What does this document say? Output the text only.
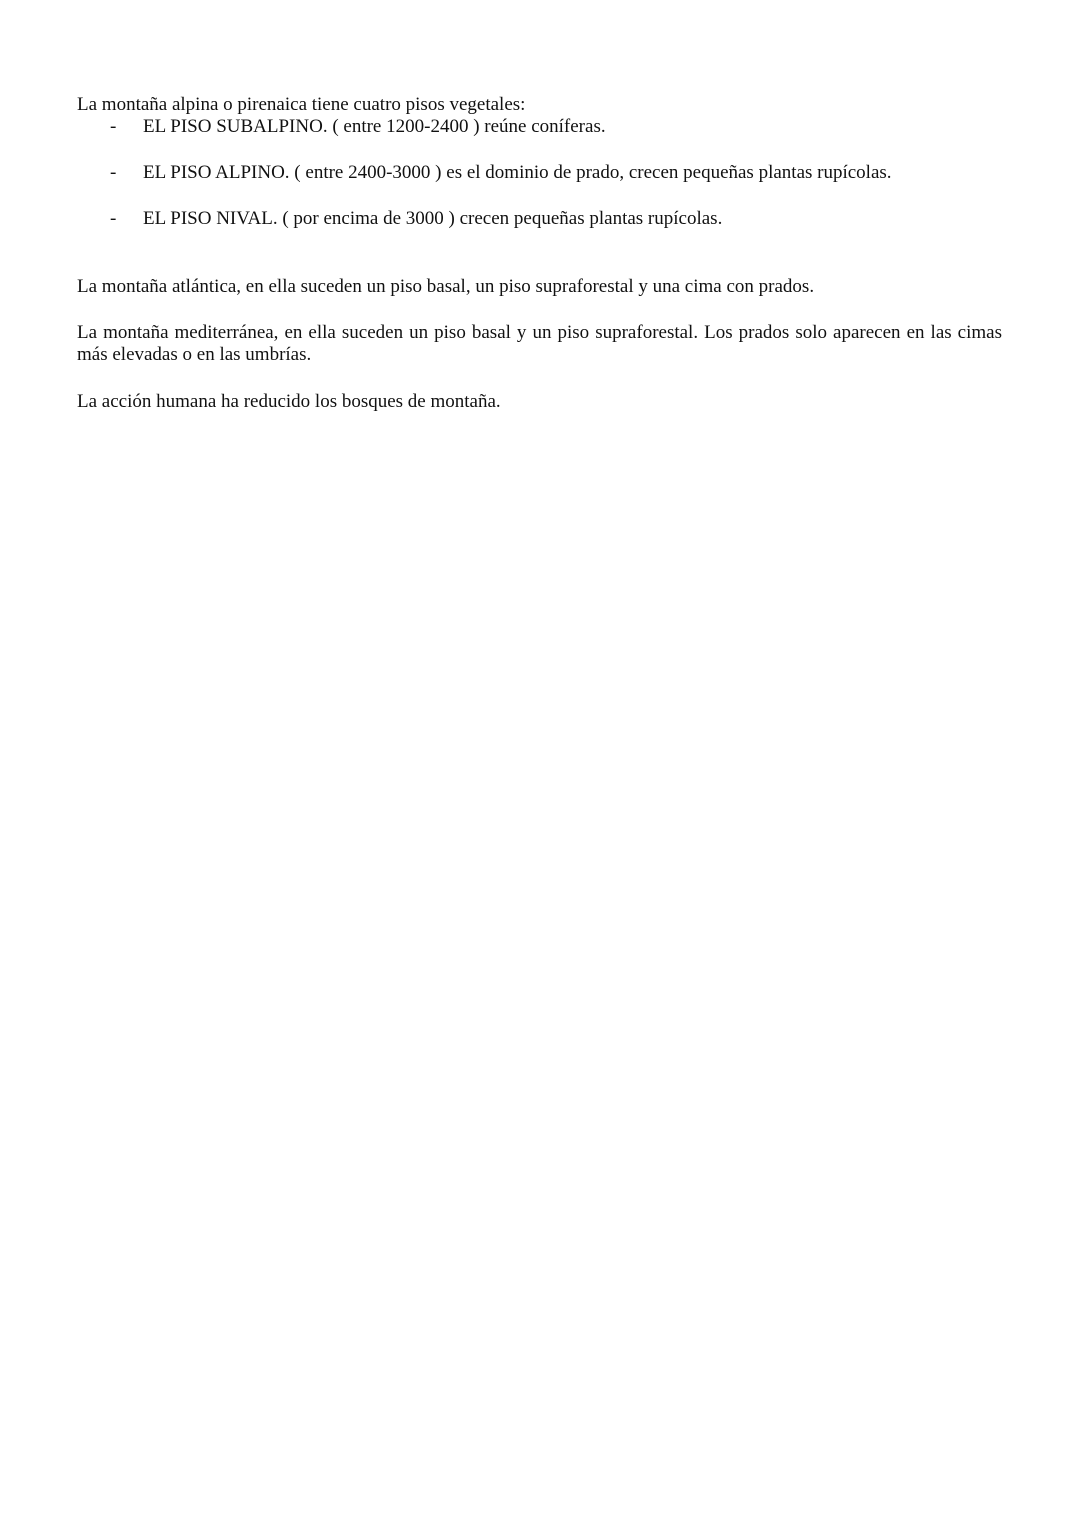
La montaña alpina o pirenaica tiene cuatro pisos vegetales:

- EL PISO SUBALPINO. ( entre 1200-2400 ) reúne coníferas.
- EL PISO ALPINO. ( entre 2400-3000 ) es el dominio de prado, crecen pequeñas plantas rupícolas.
- EL PISO NIVAL. ( por encima de 3000 ) crecen pequeñas plantas rupícolas.

La montaña atlántica, en ella suceden un piso basal, un piso supraforestal y una cima con prados.

La montaña mediterránea, en ella suceden un piso basal y un piso supraforestal. Los prados solo aparecen en las cimas más elevadas o en las umbrías.

La acción humana ha reducido los bosques de montaña.
